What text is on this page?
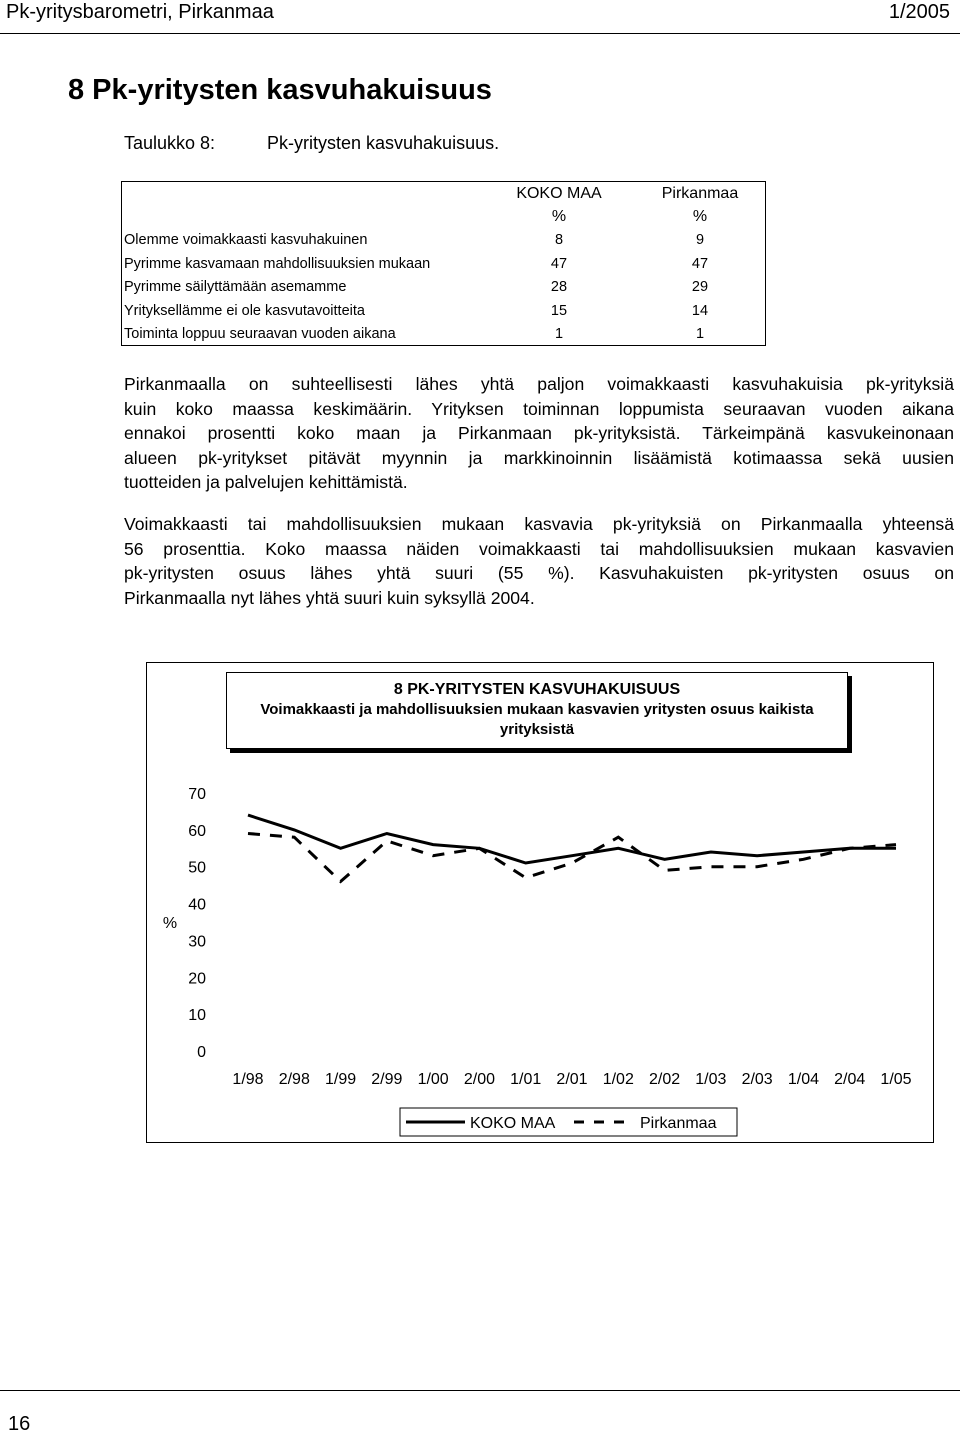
Pk-yritysbarometri, Pirkanmaa	1/2005
8 Pk-yritysten kasvuhakuisuus
Taulukko 8:	Pk-yritysten kasvuhakuisuus.
	KOKO MAA	Pirkanmaa
	%	%
Olemme voimakkaasti kasvuhakuinen	8	9
Pyrimme kasvamaan mahdollisuuksien mukaan	47	47
Pyrimme säilyttämään asemamme	28	29
Yrityksellämme ei ole kasvutavoitteita	15	14
Toiminta loppuu seuraavan vuoden aikana	1	1
Pirkanmaalla on suhteellisesti lähes yhtä paljon voimakkaasti kasvuhakuisia pk-yrityksiä
kuin koko maassa keskimäärin. Yrityksen toiminnan loppumista seuraavan vuoden aikana
ennakoi prosentti koko maan ja Pirkanmaan pk-yrityksistä. Tärkeimpänä kasvukeinonaan
alueen pk-yritykset pitävät myynnin ja markkinoinnin lisäämistä kotimaassa sekä uusien
tuotteiden ja palvelujen kehittämistä.
Voimakkaasti tai mahdollisuuksien mukaan kasvavia pk-yrityksiä on Pirkanmaalla yhteensä
56 prosenttia. Koko maassa näiden voimakkaasti tai mahdollisuuksien mukaan kasvavien
pk-yritysten osuus lähes yhtä suuri (55 %). Kasvuhakuisten pk-yritysten osuus on
Pirkanmaalla nyt lähes yhtä suuri kuin syksyllä 2004.
8 PK-YRITYSTEN KASVUHAKUISUUS
Voimakkaasti ja mahdollisuuksien mukaan kasvavien yritysten osuus kaikista
yrityksistä
0
10
20
30
40
50
60
70
%
1/98 2/98 1/99 2/99 1/00 2/00 1/01 2/01 1/02 2/02 1/03 2/03 1/04 2/04 1/05
KOKO MAA	Pirkanmaa
16
